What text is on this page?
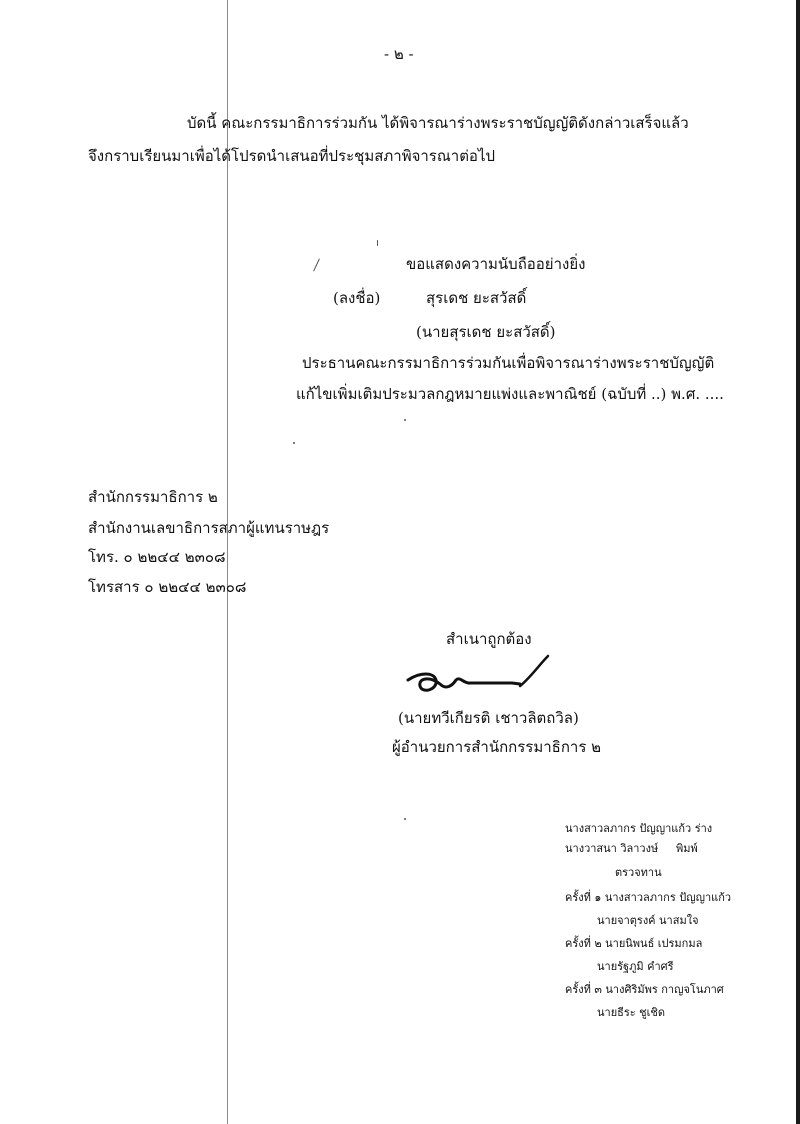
- ๒ -
บัดนี้ คณะกรรมาธิการร่วมกัน ได้พิจารณาร่างพระราชบัญญัติดังกล่าวเสร็จแล้ว
จึงกราบเรียนมาเพื่อได้โปรดนำเสนอที่ประชุมสภาพิจารณาต่อไป
ขอแสดงความนับถืออย่างยิ่ง
(ลงชื่อ)	สุรเดช ยะสวัสดิ์
(นายสุรเดช ยะสวัสดิ์)
ประธานคณะกรรมาธิการร่วมกันเพื่อพิจารณาร่างพระราชบัญญัติ
แก้ไขเพิ่มเติมประมวลกฎหมายแพ่งและพาณิชย์ (ฉบับที่ ..) พ.ศ. ....
สำนักกรรมาธิการ ๒
สำนักงานเลขาธิการสภาผู้แทนราษฎร
โทร. ๐ ๒๒๔๔ ๒๓๐๘
โทรสาร ๐ ๒๒๔๔ ๒๓๐๘
สำเนาถูกต้อง
(นายทวีเกียรติ เชาวลิตถวิล)
ผู้อำนวยการสำนักกรรมาธิการ ๒
นางสาวลภากร ปัญญาแก้ว ร่าง
นางวาสนา วิลาวงษ์ พิมพ์
ตรวจทาน
ครั้งที่ ๑ นางสาวลภากร ปัญญาแก้ว
นายจาตุรงค์ นาสมใจ
ครั้งที่ ๒ นายนิพนธ์ เปรมกมล
นายรัฐภูมิ คำศรี
ครั้งที่ ๓ นางศิริมัพร กาญจโนภาศ
นายธีระ ชูเชิด
